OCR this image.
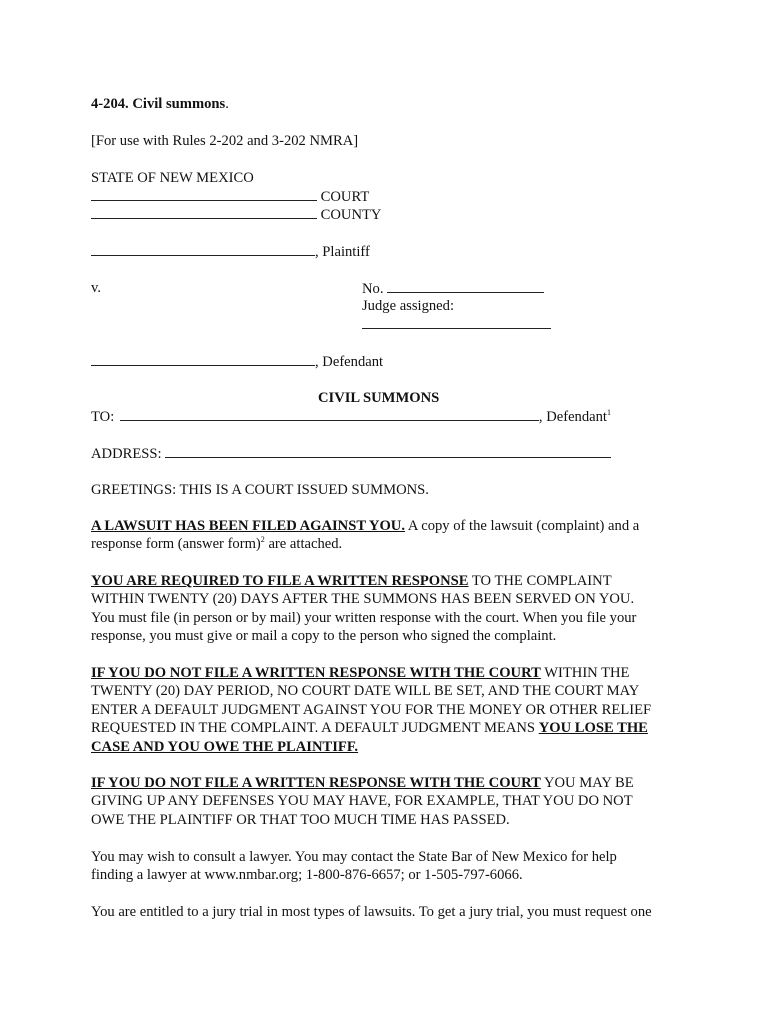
4-204. Civil summons.
[For use with Rules 2-202 and 3-202 NMRA]
STATE OF NEW MEXICO
COURT
COUNTY
, Plaintiff
v.	No.
Judge assigned:
, Defendant
CIVIL SUMMONS
TO:	, Defendant$^1$
ADDRESS:
GREETINGS: THIS IS A COURT ISSUED SUMMONS.
A LAWSUIT HAS BEEN FILED AGAINST YOU. A copy of the lawsuit (complaint) and a
response form (answer form)$^2$ are attached.
YOU ARE REQUIRED TO FILE A WRITTEN RESPONSE TO THE COMPLAINT
WITHIN TWENTY (20) DAYS AFTER THE SUMMONS HAS BEEN SERVED ON YOU.
You must file (in person or by mail) your written response with the court. When you file your
response, you must give or mail a copy to the person who signed the complaint.
IF YOU DO NOT FILE A WRITTEN RESPONSE WITH THE COURT WITHIN THE
TWENTY (20) DAY PERIOD, NO COURT DATE WILL BE SET, AND THE COURT MAY
ENTER A DEFAULT JUDGMENT AGAINST YOU FOR THE MONEY OR OTHER RELIEF
REQUESTED IN THE COMPLAINT. A DEFAULT JUDGMENT MEANS YOU LOSE THE
CASE AND YOU OWE THE PLAINTIFF.
IF YOU DO NOT FILE A WRITTEN RESPONSE WITH THE COURT YOU MAY BE
GIVING UP ANY DEFENSES YOU MAY HAVE, FOR EXAMPLE, THAT YOU DO NOT
OWE THE PLAINTIFF OR THAT TOO MUCH TIME HAS PASSED.
You may wish to consult a lawyer. You may contact the State Bar of New Mexico for help
finding a lawyer at www.nmbar.org; 1-800-876-6657; or 1-505-797-6066.
You are entitled to a jury trial in most types of lawsuits. To get a jury trial, you must request one
